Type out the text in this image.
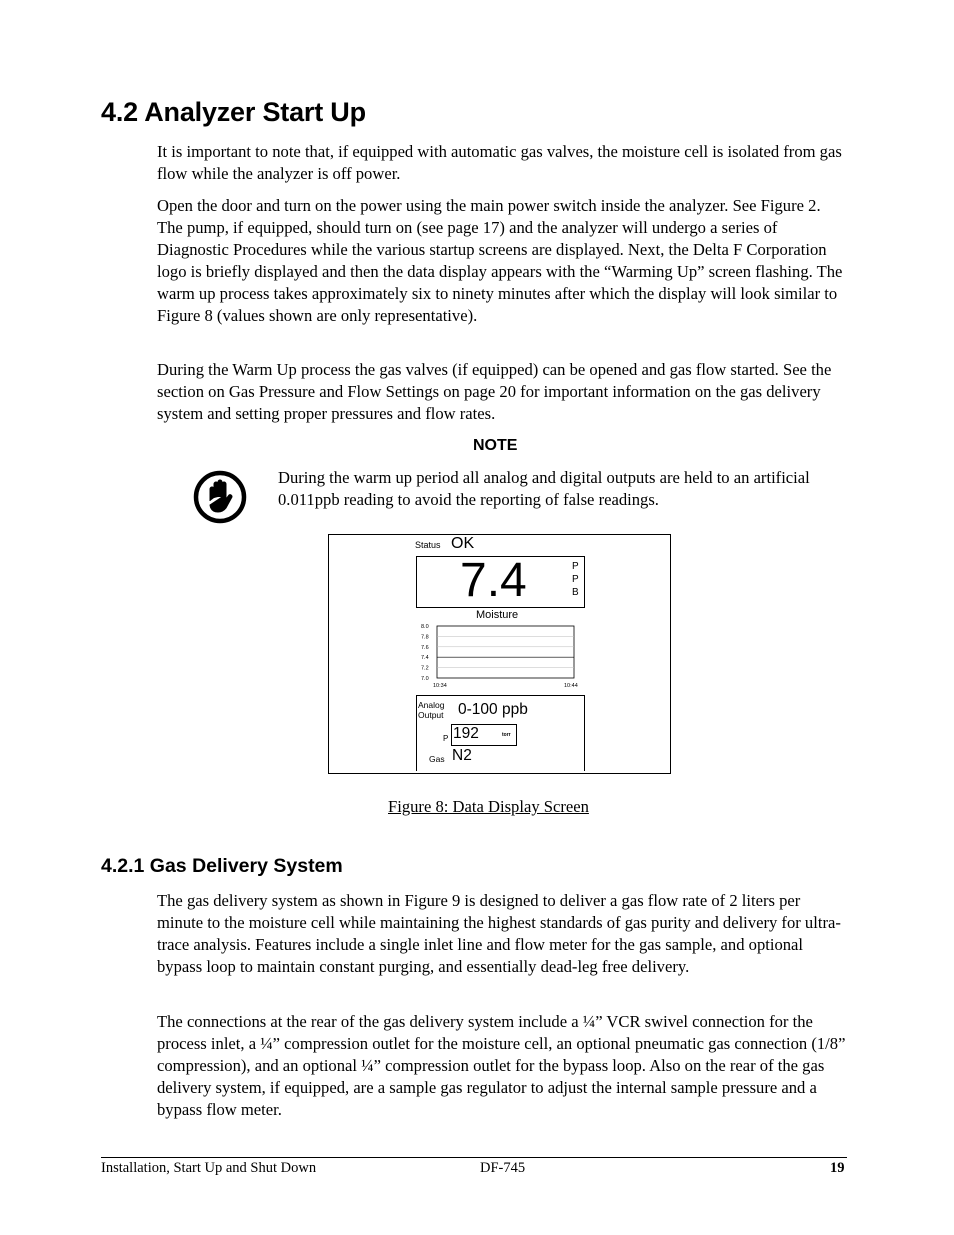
4.2 Analyzer Start Up

It is important to note that, if equipped with automatic gas valves, the moisture cell is isolated from gas flow while the analyzer is off power.

Open the door and turn on the power using the main power switch inside the analyzer. See Figure 2. The pump, if equipped, should turn on (see page 17) and the analyzer will undergo a series of Diagnostic Procedures while the various startup screens are displayed. Next, the Delta F Corporation logo is briefly displayed and then the data display appears with the “Warming Up” screen flashing. The warm up process takes approximately six to ninety minutes after which the display will look similar to Figure 8 (values shown are only representative).

During the Warm Up process the gas valves (if equipped) can be opened and gas flow started. See the section on Gas Pressure and Flow Settings on page 20 for important information on the gas delivery system and setting proper pressures and flow rates.

NOTE
During the warm up period all analog and digital outputs are held to an artificial 0.011ppb reading to avoid the reporting of false readings.
Status OK
7.4	P
P
B
Moisture
8.0
7.8
7.6
7.4
7.2
7.0
10:34	10:44
Analog
Output 0-100 ppb
P
Gas N2
192	torr
Figure 8: Data Display Screen
4.2.1 Gas Delivery System

The gas delivery system as shown in Figure 9 is designed to deliver a gas flow rate of 2 liters per minute to the moisture cell while maintaining the highest standards of gas purity and delivery for ultra-trace analysis. Features include a single inlet line and flow meter for the gas sample, and optional bypass loop to maintain constant purging, and essentially dead-leg free delivery.

The connections at the rear of the gas delivery system include a ¼” VCR swivel connection for the process inlet, a ¼” compression outlet for the moisture cell, an optional pneumatic gas connection (1/8” compression), and an optional ¼” compression outlet for the bypass loop. Also on the rear of the gas delivery system, if equipped, are a sample gas regulator to adjust the internal sample pressure and a bypass flow meter.

Installation, Start Up and Shut Down	DF-745	19
